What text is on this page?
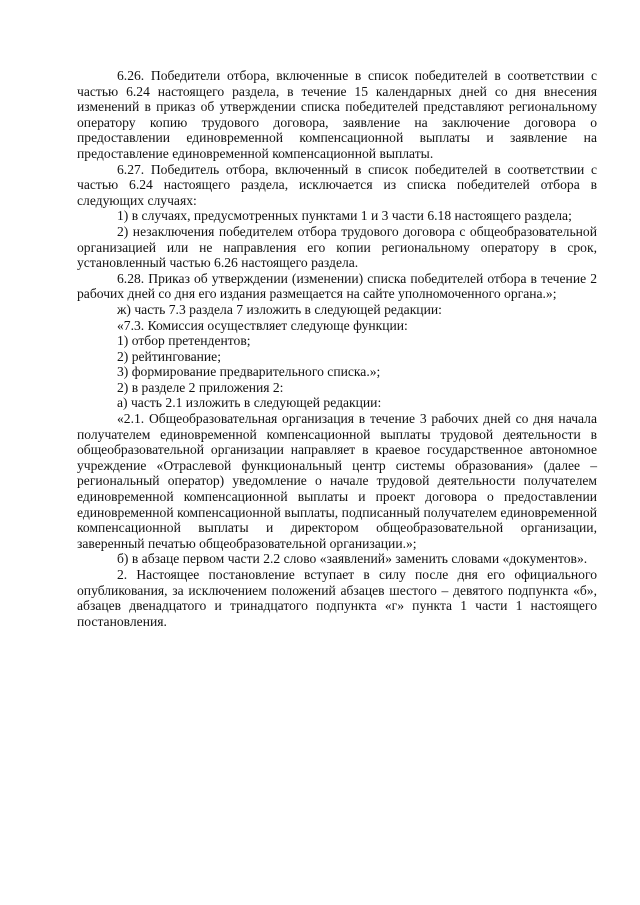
6.26. Победители отбора, включенные в список победителей в соответствии с частью 6.24 настоящего раздела, в течение 15 календарных дней со дня внесения изменений в приказ об утверждении списка победителей представляют региональному оператору копию трудового договора, заявление на заключение договора о предоставлении единовременной компенсационной выплаты и заявление на предоставление единовременной компенсационной выплаты.

6.27. Победитель отбора, включенный в список победителей в соответствии с частью 6.24 настоящего раздела, исключается из списка победителей отбора в следующих случаях:

1) в случаях, предусмотренных пунктами 1 и 3 части 6.18 настоящего раздела;

2) незаключения победителем отбора трудового договора с общеобразовательной организацией или не направления его копии региональному оператору в срок, установленный частью 6.26 настоящего раздела.

6.28. Приказ об утверждении (изменении) списка победителей отбора в течение 2 рабочих дней со дня его издания размещается на сайте уполномоченного органа.»;

ж) часть 7.3 раздела 7 изложить в следующей редакции:

«7.3. Комиссия осуществляет следующе функции:

1) отбор претендентов;

2) рейтингование;

3) формирование предварительного списка.»;

2) в разделе 2 приложения 2:

а) часть 2.1 изложить в следующей редакции:

«2.1. Общеобразовательная организация в течение 3 рабочих дней со дня начала получателем единовременной компенсационной выплаты трудовой деятельности в общеобразовательной организации направляет в краевое государственное автономное учреждение «Отраслевой функциональный центр системы образования» (далее – региональный оператор) уведомление о начале трудовой деятельности получателем единовременной компенсационной выплаты и проект договора о предоставлении единовременной компенсационной выплаты, подписанный получателем единовременной компенсационной выплаты и директором общеобразовательной организации, заверенный печатью общеобразовательной организации.»;

б) в абзаце первом части 2.2 слово «заявлений» заменить словами «документов».

2. Настоящее постановление вступает в силу после дня его официального опубликования, за исключением положений абзацев шестого – девятого подпункта «б», абзацев двенадцатого и тринадцатого подпункта «г» пункта 1 части 1 настоящего постановления.
